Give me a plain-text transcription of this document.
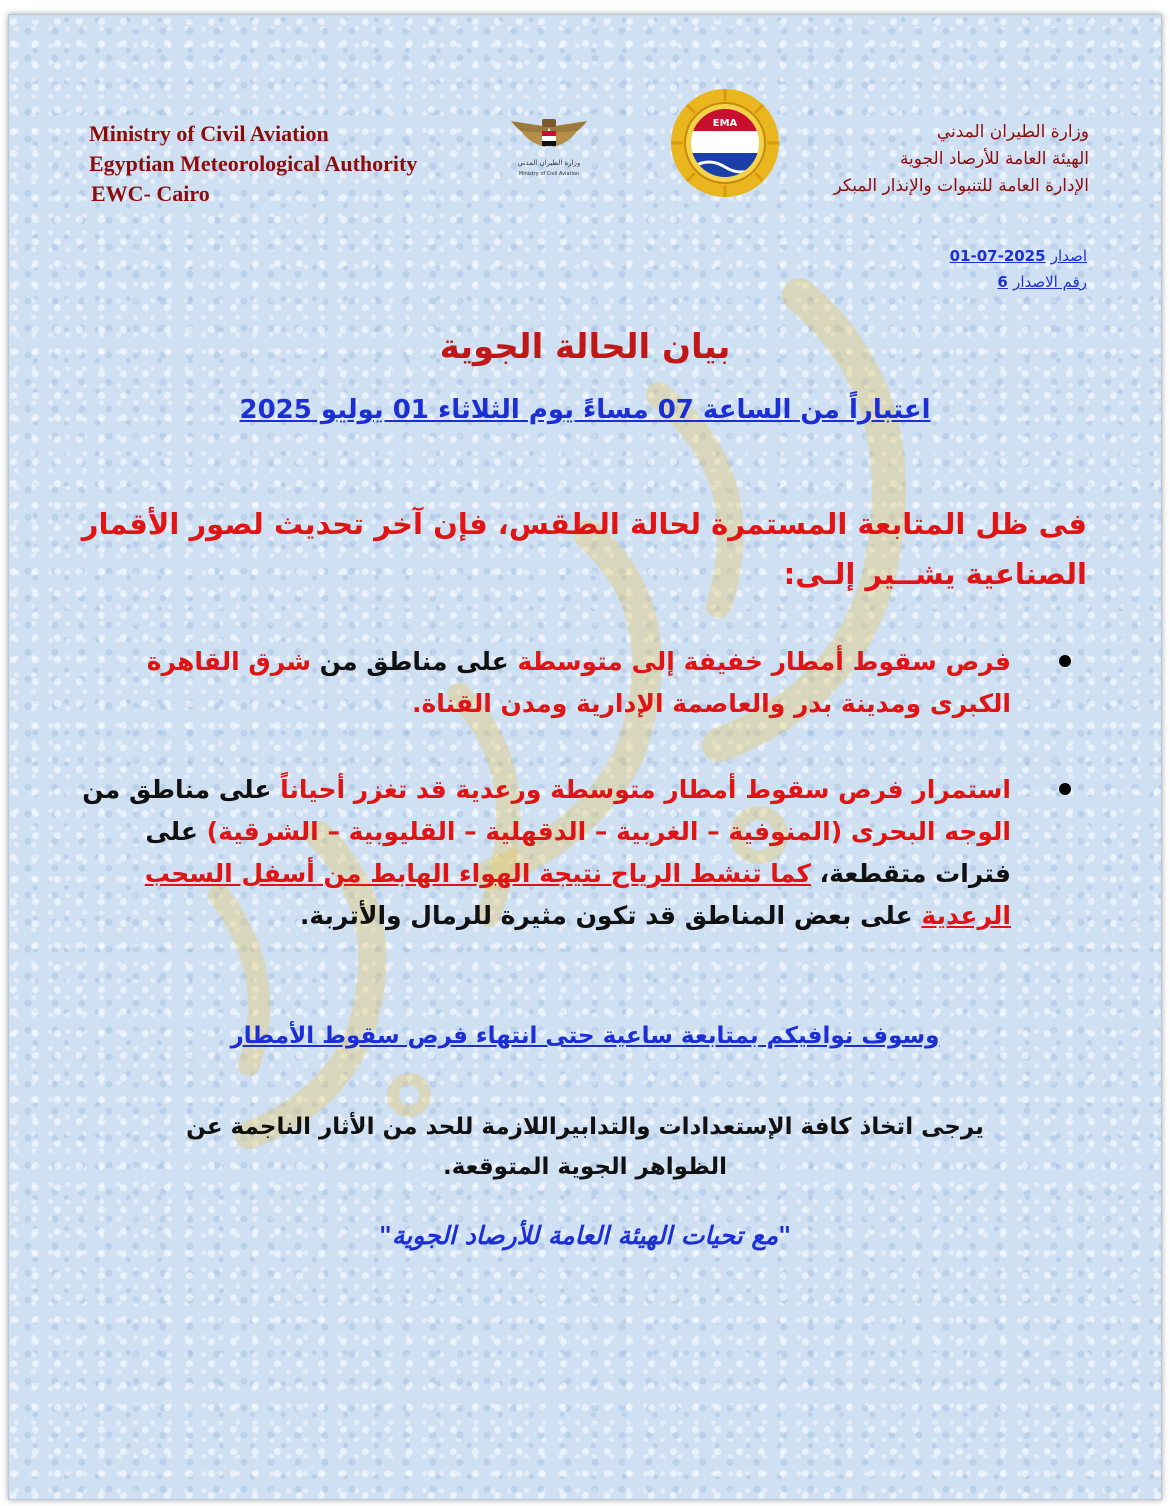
Ministry of Civil Aviation
Egyptian Meteorological Authority
EWC- Cairo
وزارة الطيران المدني
Ministry of Civil Aviation
EMA	وزارة الطيران المدني
الهيئة العامة للأرصاد الجوية
الإدارة العامة للتنبوات والإنذار المبكر
اصدار 2025-07-01
رقم الاصدار 6
بيان الحالة الجوية
اعتباراً من الساعة 07 مساءً يوم الثلاثاء 01 يوليو 2025
فى ظل المتابعة المستمرة لحالة الطقس، فإن آخر تحديث لصور الأقمار الصناعية يشــير إلـى:
فرص سقوط أمطار خفيفة إلى متوسطة على مناطق من شرق القاهرة الكبرى ومدينة بدر والعاصمة الإدارية ومدن القناة.
استمرار فرص سقوط أمطار متوسطة ورعدية قد تغزر أحياناً على مناطق من الوجه البحرى (المنوفية – الغربية – الدقهلية – القليوبية – الشرقية) على فترات متقطعة، كما تنشط الرياح نتيجة الهواء الهابط من أسفل السحب الرعدية على بعض المناطق قد تكون مثيرة للرمال والأتربة.
وسوف نوافيكم بمتابعة ساعية حتى انتهاء فرص سقوط الأمطار
يرجى اتخاذ كافة الإستعدادات والتدابيراللازمة للحد من الأثار الناجمة عن الظواهر الجوية المتوقعة.
"مع تحيات الهيئة العامة للأرصاد الجوية"
